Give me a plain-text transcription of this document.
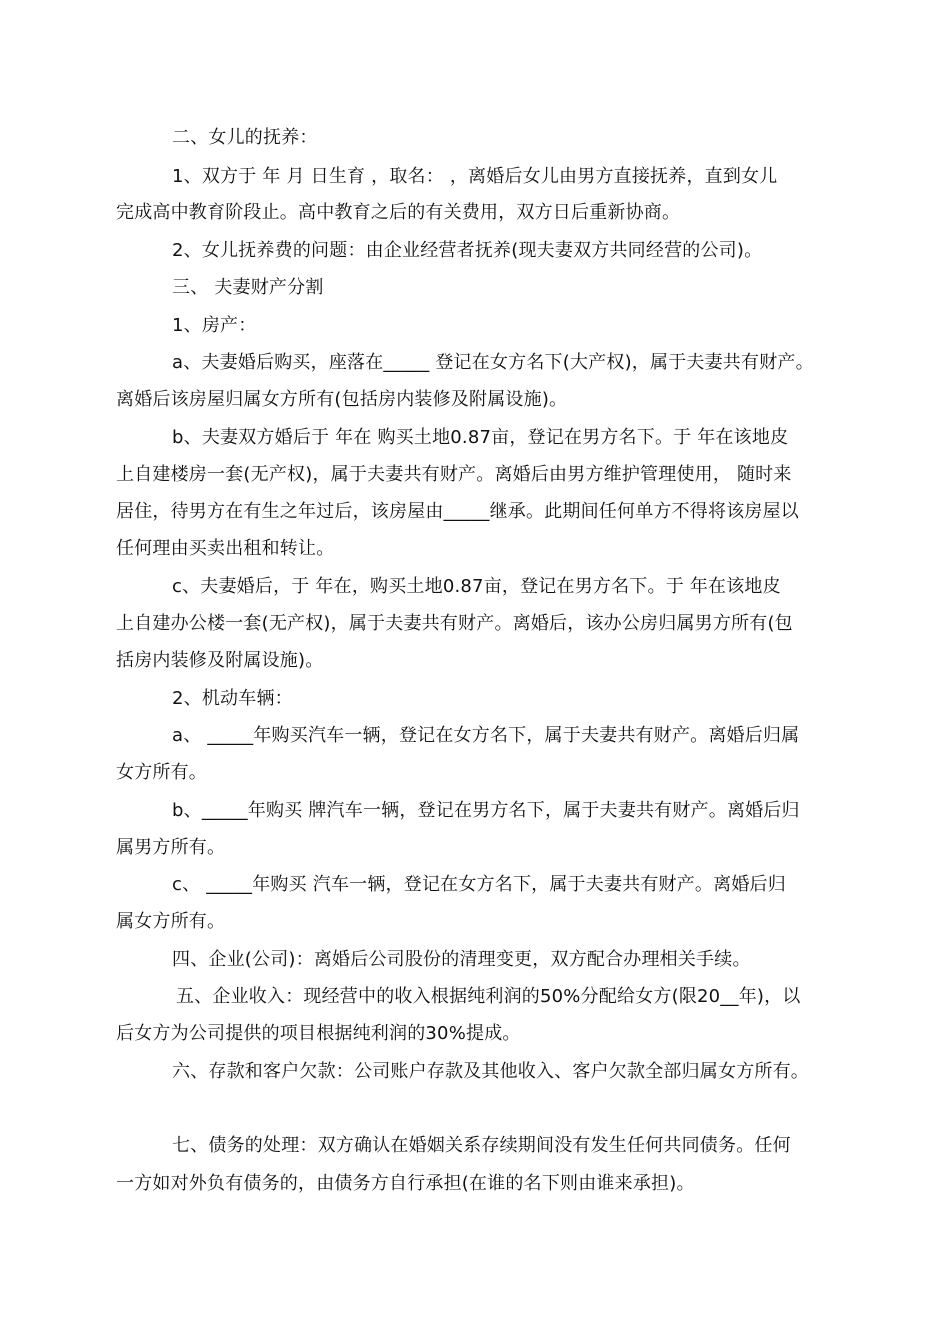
二、女儿的抚养：
1、双方于 年 月 日生育 ，取名： ，离婚后女儿由男方直接抚养，直到女儿
完成高中教育阶段止。高中教育之后的有关费用，双方日后重新协商。
2、女儿抚养费的问题：由企业经营者抚养(现夫妻双方共同经营的公司)。
三、 夫妻财产分割
1、房产：
a、夫妻婚后购买，座落在_____ 登记在女方名下(大产权)，属于夫妻共有财产。
离婚后该房屋归属女方所有(包括房内装修及附属设施)。
b、夫妻双方婚后于 年在 购买土地0.87亩，登记在男方名下。于 年在该地皮
上自建楼房一套(无产权)，属于夫妻共有财产。离婚后由男方维护管理使用， 随时来
居住，待男方在有生之年过后，该房屋由_____继承。此期间任何单方不得将该房屋以
任何理由买卖出租和转让。
c、夫妻婚后，于 年在，购买土地0.87亩，登记在男方名下。于 年在该地皮
上自建办公楼一套(无产权)，属于夫妻共有财产。离婚后，该办公房归属男方所有(包
括房内装修及附属设施)。
2、机动车辆：
a、 _____年购买汽车一辆，登记在女方名下，属于夫妻共有财产。离婚后归属
女方所有。
b、_____年购买 牌汽车一辆，登记在男方名下，属于夫妻共有财产。离婚后归
属男方所有。
c、 _____年购买 汽车一辆，登记在女方名下，属于夫妻共有财产。离婚后归
属女方所有。
四、企业(公司)：离婚后公司股份的清理变更，双方配合办理相关手续。
五、企业收入：现经营中的收入根据纯利润的50%分配给女方(限20__年)，以
后女方为公司提供的项目根据纯利润的30%提成。
六、存款和客户欠款：公司账户存款及其他收入、客户欠款全部归属女方所有。
七、债务的处理：双方确认在婚姻关系存续期间没有发生任何共同债务。任何
一方如对外负有债务的，由债务方自行承担(在谁的名下则由谁来承担)。
